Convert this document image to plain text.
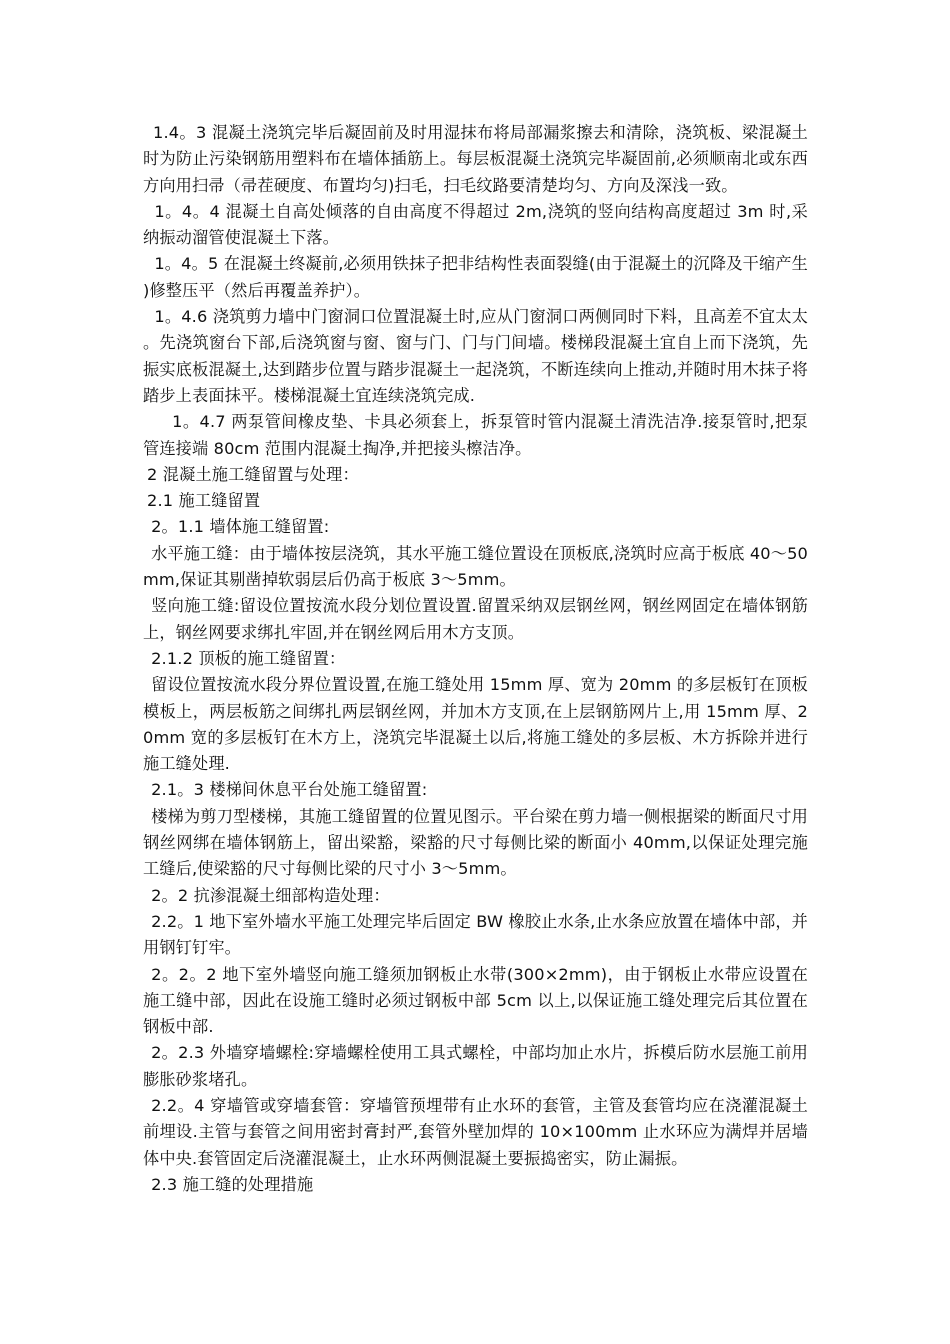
1.4。3 混凝土浇筑完毕后凝固前及时用湿抹布将局部漏浆擦去和清除，浇筑板、梁混凝土时为防止污染钢筋用塑料布在墙体插筋上。每层板混凝土浇筑完毕凝固前,必须顺南北或东西方向用扫帚（帚茬硬度、布置均匀)扫毛，扫毛纹路要清楚均匀、方向及深浅一致。

1。4。4 混凝土自高处倾落的自由高度不得超过 2m,浇筑的竖向结构高度超过 3m 时,采纳振动溜管使混凝土下落。

1。4。5 在混凝土终凝前,必须用铁抹子把非结构性表面裂缝(由于混凝土的沉降及干缩产生)修整压平（然后再覆盖养护）。

1。4.6 浇筑剪力墙中门窗洞口位置混凝土时,应从门窗洞口两侧同时下料，且高差不宜太太。先浇筑窗台下部,后浇筑窗与窗、窗与门、门与门间墙。楼梯段混凝土宜自上而下浇筑，先振实底板混凝土,达到踏步位置与踏步混凝土一起浇筑，不断连续向上推动,并随时用木抹子将踏步上表面抹平。楼梯混凝土宜连续浇筑完成.

1。4.7 两泵管间橡皮垫、卡具必须套上，拆泵管时管内混凝土清洗洁净.接泵管时,把泵管连接端 80cm 范围内混凝土掏净,并把接头檫洁净。

2 混凝土施工缝留置与处理：

2.1 施工缝留置

2。1.1 墙体施工缝留置:

水平施工缝：由于墙体按层浇筑，其水平施工缝位置设在顶板底,浇筑时应高于板底 40～50mm,保证其剔凿掉软弱层后仍高于板底 3～5mm。

竖向施工缝:留设位置按流水段分划位置设置.留置采纳双层钢丝网，钢丝网固定在墙体钢筋上，钢丝网要求绑扎牢固,并在钢丝网后用木方支顶。

2.1.2 顶板的施工缝留置：

留设位置按流水段分界位置设置,在施工缝处用 15mm 厚、宽为 20mm 的多层板钉在顶板模板上，两层板筋之间绑扎两层钢丝网，并加木方支顶,在上层钢筋网片上,用 15mm 厚、20mm 宽的多层板钉在木方上，浇筑完毕混凝土以后,将施工缝处的多层板、木方拆除并进行施工缝处理.

2.1。3 楼梯间休息平台处施工缝留置:

楼梯为剪刀型楼梯，其施工缝留置的位置见图示。平台梁在剪力墙一侧根据梁的断面尺寸用钢丝网绑在墙体钢筋上，留出梁豁，梁豁的尺寸每侧比梁的断面小 40mm,以保证处理完施工缝后,使梁豁的尺寸每侧比梁的尺寸小 3～5mm。

2。2 抗渗混凝土细部构造处理：

2.2。1 地下室外墙水平施工处理完毕后固定 BW 橡胶止水条,止水条应放置在墙体中部，并用钢钉钉牢。

2。2。2 地下室外墙竖向施工缝须加钢板止水带(300×2mm)，由于钢板止水带应设置在施工缝中部，因此在设施工缝时必须过钢板中部 5cm 以上,以保证施工缝处理完后其位置在钢板中部.

2。2.3 外墙穿墙螺栓:穿墙螺栓使用工具式螺栓，中部均加止水片，拆模后防水层施工前用膨胀砂浆堵孔。

2.2。4 穿墙管或穿墙套管：穿墙管预埋带有止水环的套管，主管及套管均应在浇灌混凝土前埋设.主管与套管之间用密封膏封严,套管外壁加焊的 10×100mm 止水环应为满焊并居墙体中央.套管固定后浇灌混凝土，止水环两侧混凝土要振捣密实，防止漏振。

2.3 施工缝的处理措施
